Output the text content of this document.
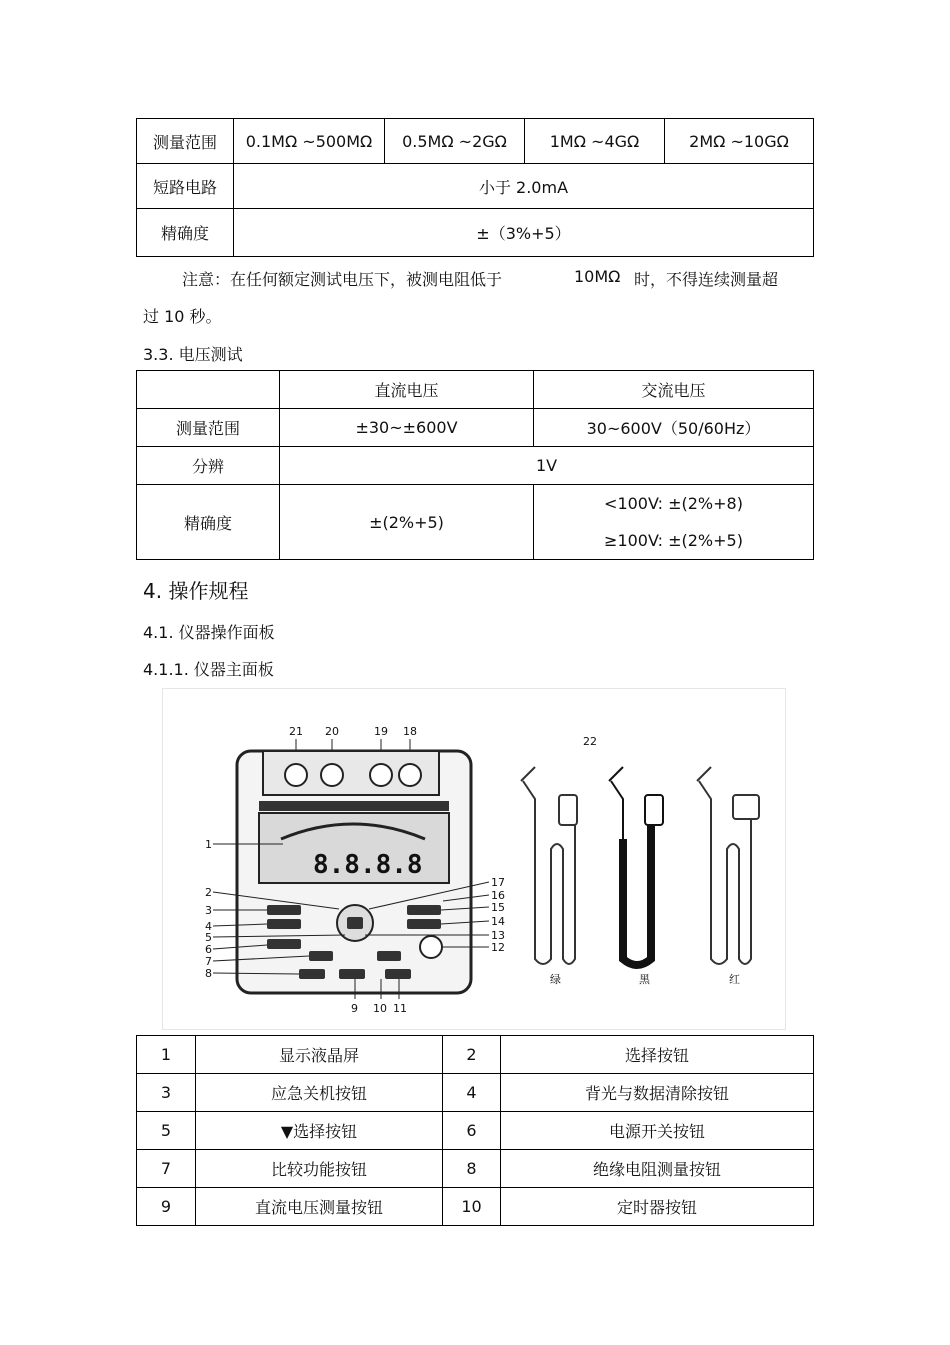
测量范围	0.1MΩ ~500MΩ	0.5MΩ ~2GΩ	1MΩ ~4GΩ	2MΩ ~10GΩ
短路电路	小于 2.0mA			
精确度	±（3%+5）			
注意：在任何额定测试电压下，被测电阻低于	10MΩ 时，不得连续测量超
过 10 秒。
3.3. 电压测试
	直流电压	交流电压
测量范围	±30~±600V	30~600V（50/60Hz）
分辨	1V	
精确度	±(2%+5)	<100V: ±(2%+8)
≥100V: ±(2%+5)
4. 操作规程
4.1. 仪器操作面板
4.1.1. 仪器主面板
21 20	19 18
8.8.8.8
1
2
3
4
5
6
7
8
17
16
15
14
13
12
9 10 11
22
绿	黑	红
1	显示液晶屏	2	选择按钮
3	应急关机按钮	4	背光与数据清除按钮
5	▼选择按钮	6	电源开关按钮
7	比较功能按钮	8	绝缘电阻测量按钮
9	直流电压测量按钮	10	定时器按钮
